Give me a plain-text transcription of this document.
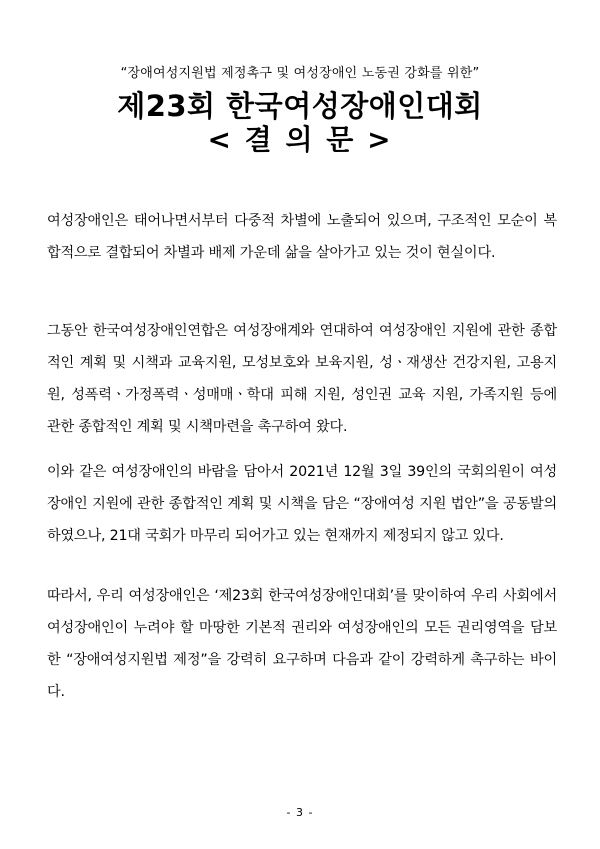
“장애여성지원법 제정촉구 및 여성장애인 노동권 강화를 위한”
제23회 한국여성장애인대회
< 결 의 문 >
여성장애인은 태어나면서부터 다중적 차별에 노출되어 있으며, 구조적인 모순이 복합적으로 결합되어 차별과 배제 가운데 삶을 살아가고 있는 것이 현실이다.
그동안 한국여성장애인연합은 여성장애계와 연대하여 여성장애인 지원에 관한 종합적인 계획 및 시책과 교육지원, 모성보호와 보육지원, 성ㆍ재생산 건강지원, 고용지원, 성폭력ㆍ가정폭력ㆍ성매매ㆍ학대 피해 지원, 성인권 교육 지원, 가족지원 등에 관한 종합적인 계획 및 시책마련을 촉구하여 왔다.
이와 같은 여성장애인의 바람을 담아서 2021년 12월 3일 39인의 국회의원이 여성장애인 지원에 관한 종합적인 계획 및 시책을 담은 “장애여성 지원 법안”을 공동발의하였으나, 21대 국회가 마무리 되어가고 있는 현재까지 제정되지 않고 있다.
따라서, 우리 여성장애인은 ‘제23회 한국여성장애인대회’를 맞이하여 우리 사회에서 여성장애인이 누려야 할 마땅한 기본적 권리와 여성장애인의 모든 권리영역을 담보한 “장애여성지원법 제정”을 강력히 요구하며 다음과 같이 강력하게 촉구하는 바이다.
- 3 -
